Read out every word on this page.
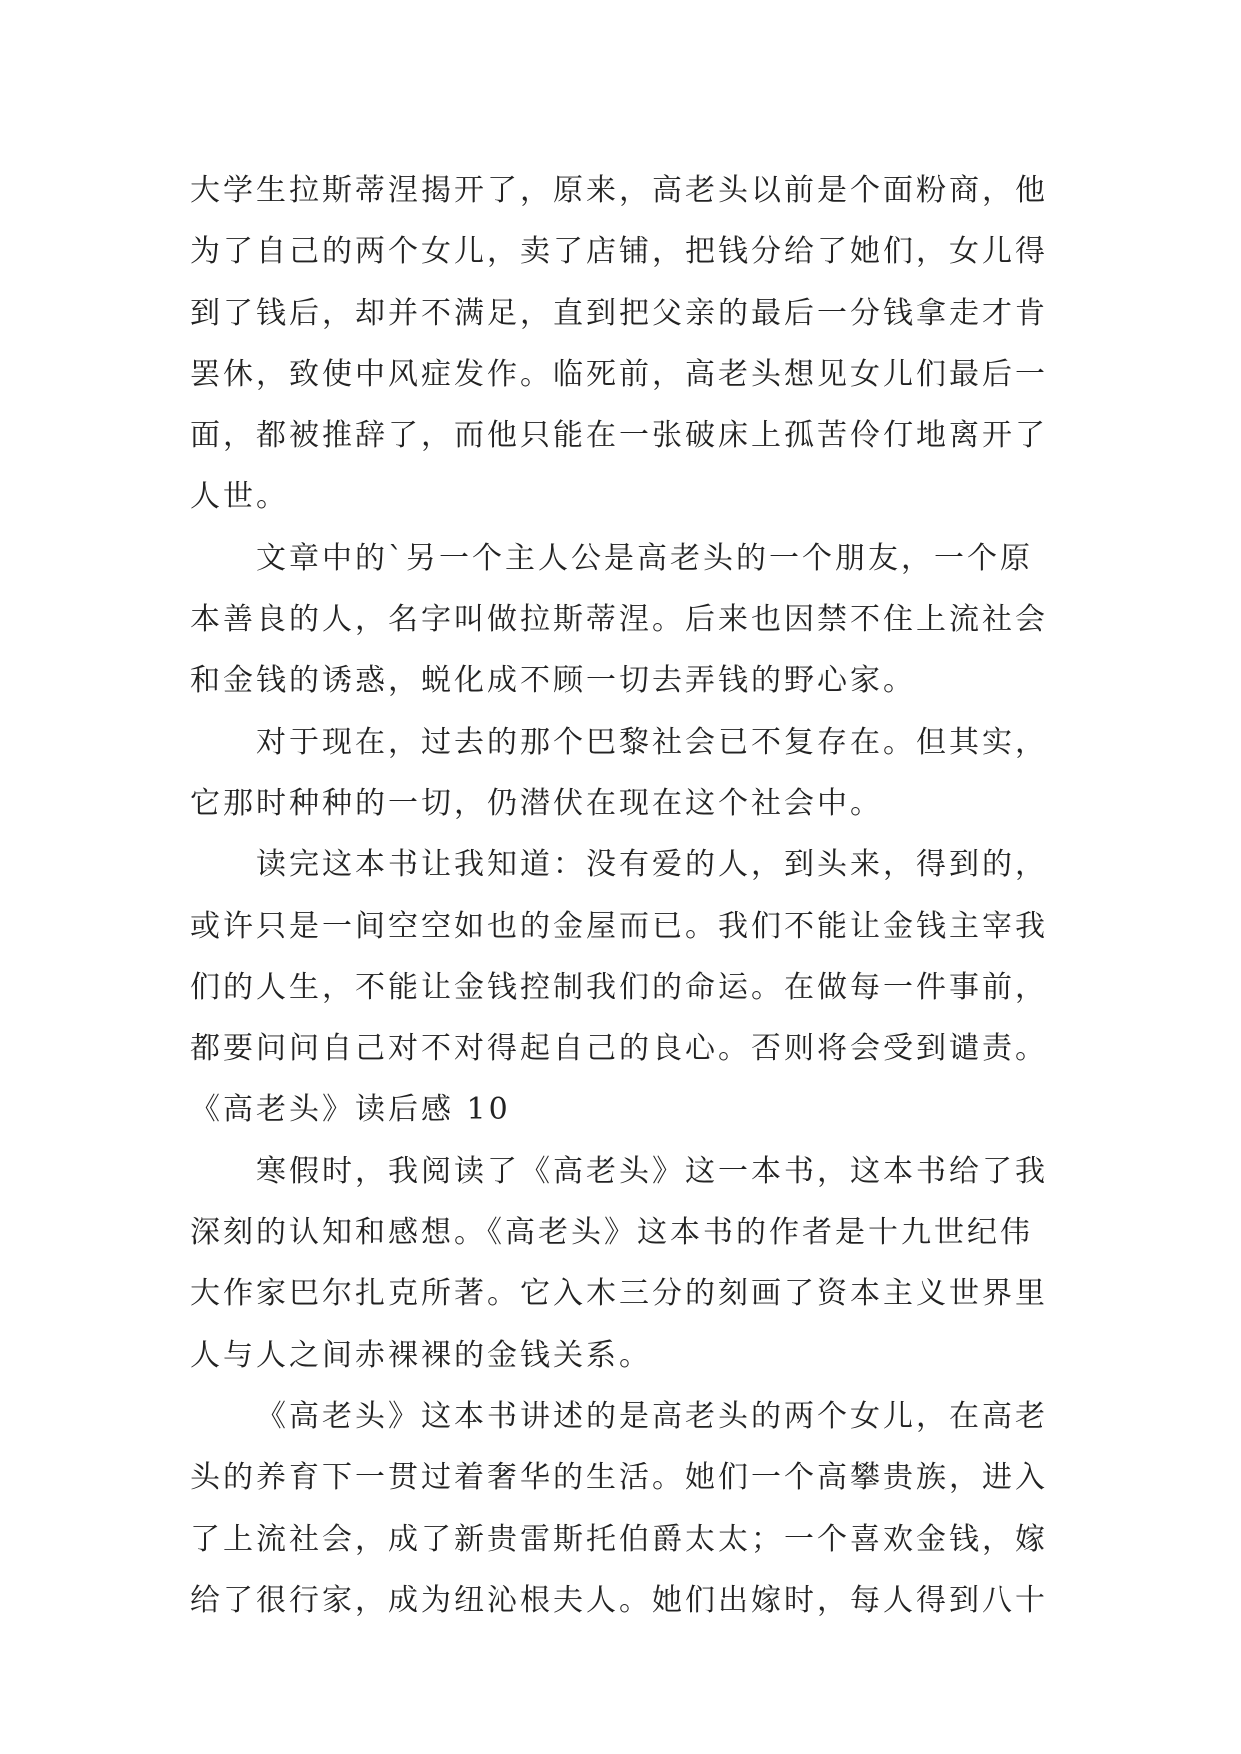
大学生拉斯蒂涅揭开了，原来，高老头以前是个面粉商，他
为了自己的两个女儿，卖了店铺，把钱分给了她们，女儿得
到了钱后，却并不满足，直到把父亲的最后一分钱拿走才肯
罢休，致使中风症发作。临死前，高老头想见女儿们最后一
面，都被推辞了，而他只能在一张破床上孤苦伶仃地离开了
人世。
文章中的`另一个主人公是高老头的一个朋友，一个原
本善良的人，名字叫做拉斯蒂涅。后来也因禁不住上流社会
和金钱的诱惑，蜕化成不顾一切去弄钱的野心家。
对于现在，过去的那个巴黎社会已不复存在。但其实，
它那时种种的一切，仍潜伏在现在这个社会中。
读完这本书让我知道：没有爱的人，到头来，得到的，
或许只是一间空空如也的金屋而已。我们不能让金钱主宰我
们的人生，不能让金钱控制我们的命运。在做每一件事前，
都要问问自己对不对得起自己的良心。否则将会受到谴责。
《高老头》读后感 10
寒假时，我阅读了《高老头》这一本书，这本书给了我
深刻的认知和感想。《高老头》这本书的作者是十九世纪伟
大作家巴尔扎克所著。它入木三分的刻画了资本主义世界里
人与人之间赤裸裸的金钱关系。
《高老头》这本书讲述的是高老头的两个女儿，在高老
头的养育下一贯过着奢华的生活。她们一个高攀贵族，进入
了上流社会，成了新贵雷斯托伯爵太太；一个喜欢金钱，嫁
给了很行家，成为纽沁根夫人。她们出嫁时，每人得到八十
